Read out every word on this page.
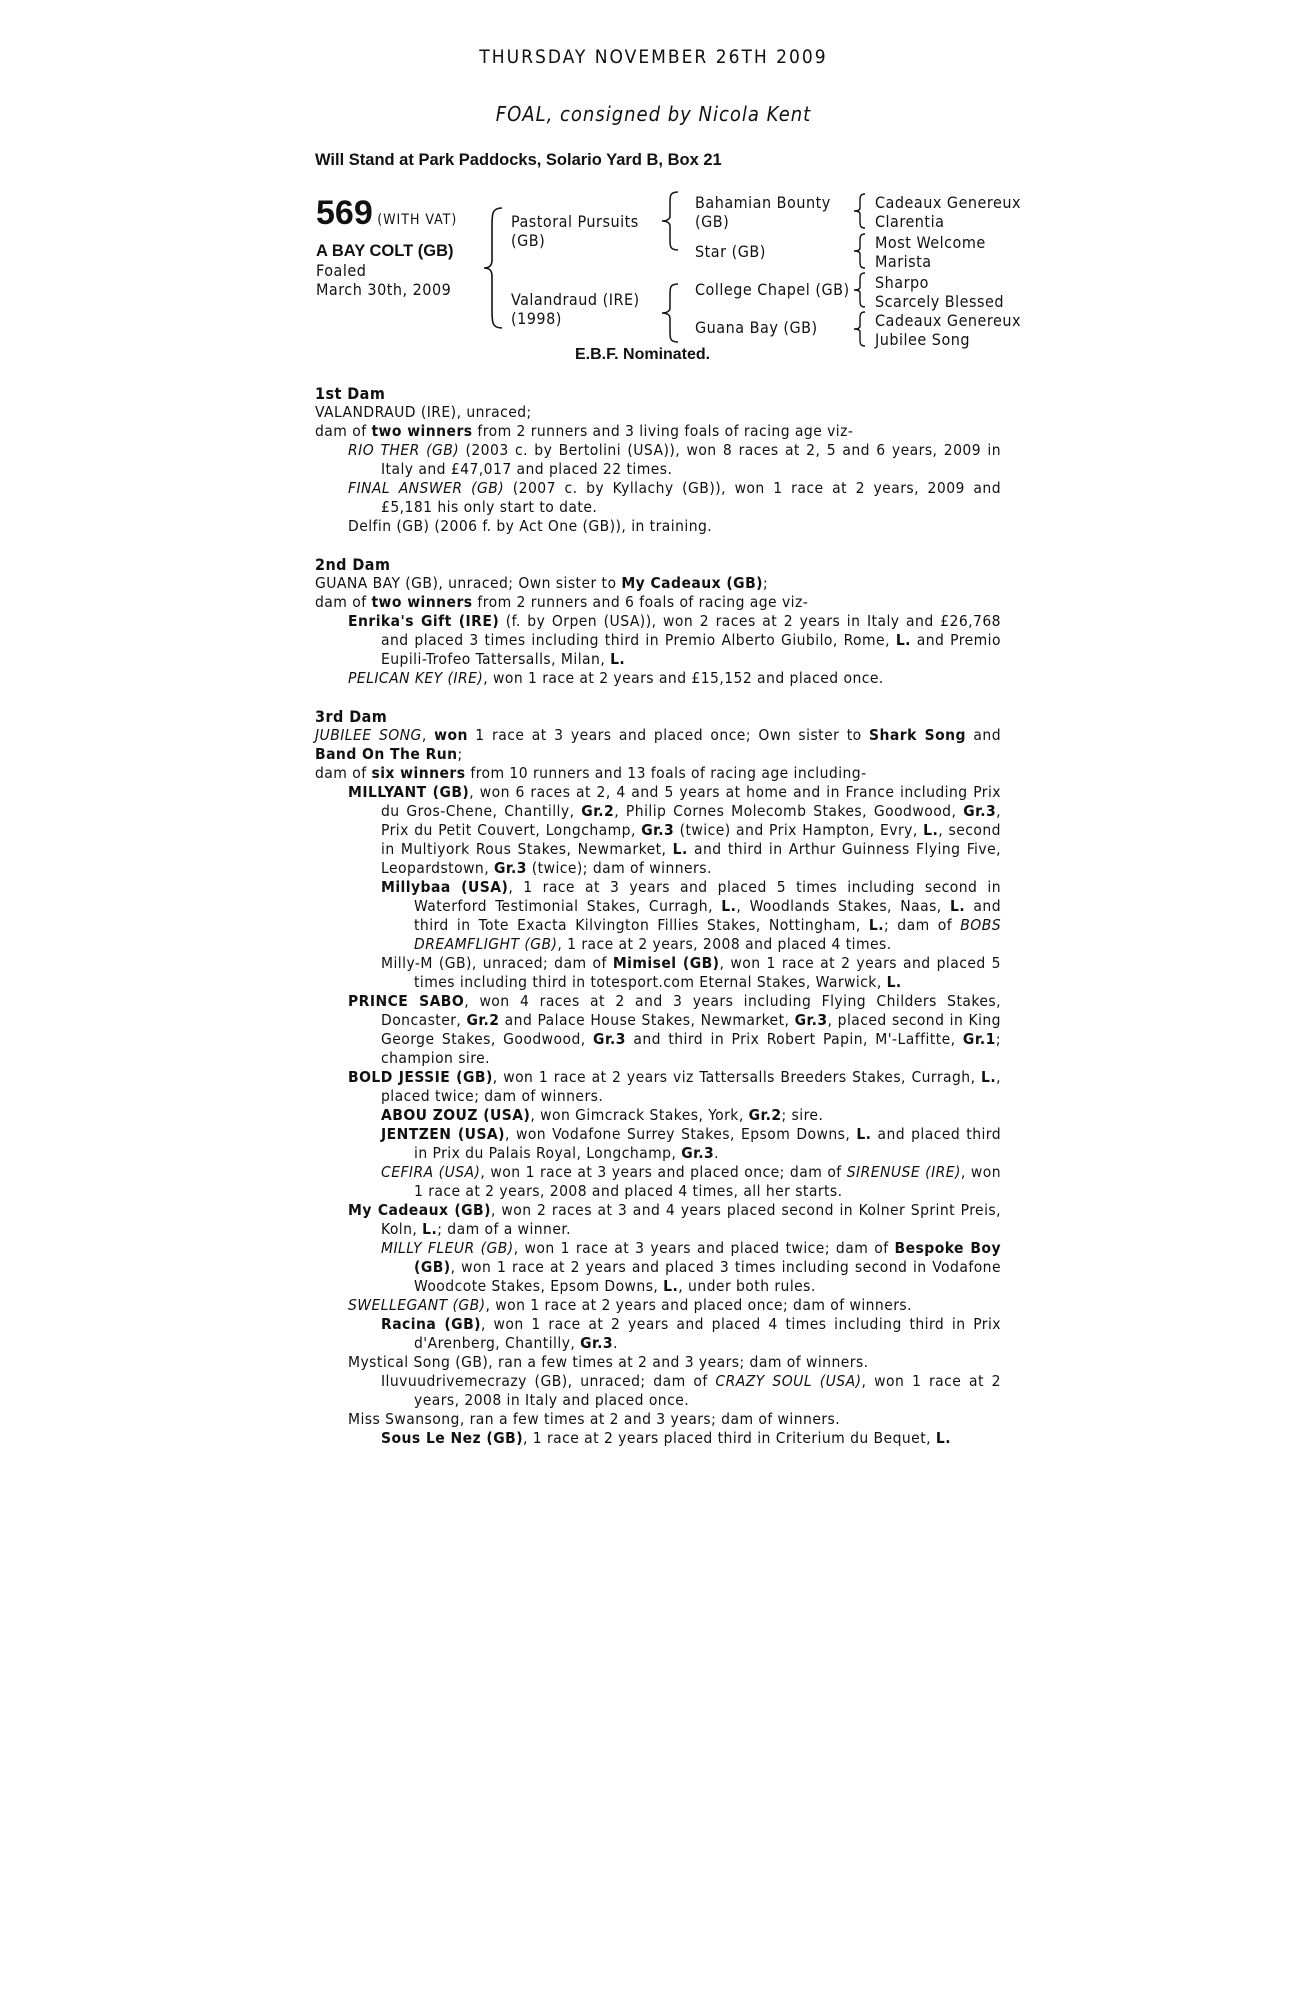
THURSDAY NOVEMBER 26TH 2009
FOAL, consigned by Nicola Kent
Will Stand at Park Paddocks, Solario Yard B, Box 21
569 (WITH VAT)
A BAY COLT (GB)
Foaled
March 30th, 2009
Pastoral Pursuits
(GB)
Valandraud (IRE)
(1998)
Bahamian Bounty
(GB)
Star (GB)
College Chapel (GB)
Guana Bay (GB)
Cadeaux Genereux
Clarentia
Most Welcome
Marista
Sharpo
Scarcely Blessed
Cadeaux Genereux
Jubilee Song
E.B.F. Nominated.
1st Dam
VALANDRAUD (IRE), unraced;
dam of two winners from 2 runners and 3 living foals of racing age viz-
RIO THER (GB) (2003 c. by Bertolini (USA)), won 8 races at 2, 5 and 6 years, 2009 in Italy and £47,017 and placed 22 times.
FINAL ANSWER (GB) (2007 c. by Kyllachy (GB)), won 1 race at 2 years, 2009 and £5,181 his only start to date.
Delfin (GB) (2006 f. by Act One (GB)), in training.
2nd Dam
GUANA BAY (GB), unraced; Own sister to My Cadeaux (GB);
dam of two winners from 2 runners and 6 foals of racing age viz-
Enrika's Gift (IRE) (f. by Orpen (USA)), won 2 races at 2 years in Italy and £26,768 and placed 3 times including third in Premio Alberto Giubilo, Rome, L. and Premio Eupili-Trofeo Tattersalls, Milan, L.
PELICAN KEY (IRE), won 1 race at 2 years and £15,152 and placed once.
3rd Dam
JUBILEE SONG, won 1 race at 3 years and placed once; Own sister to Shark Song and Band On The Run;
dam of six winners from 10 runners and 13 foals of racing age including-
MILLYANT (GB), won 6 races at 2, 4 and 5 years at home and in France including Prix du Gros-Chene, Chantilly, Gr.2, Philip Cornes Molecomb Stakes, Goodwood, Gr.3, Prix du Petit Couvert, Longchamp, Gr.3 (twice) and Prix Hampton, Evry, L., second in Multiyork Rous Stakes, Newmarket, L. and third in Arthur Guinness Flying Five, Leopardstown, Gr.3 (twice); dam of winners.
Millybaa (USA), 1 race at 3 years and placed 5 times including second in Waterford Testimonial Stakes, Curragh, L., Woodlands Stakes, Naas, L. and third in Tote Exacta Kilvington Fillies Stakes, Nottingham, L.; dam of BOBS DREAMFLIGHT (GB), 1 race at 2 years, 2008 and placed 4 times.
Milly-M (GB), unraced; dam of Mimisel (GB), won 1 race at 2 years and placed 5 times including third in totesport.com Eternal Stakes, Warwick, L.
PRINCE SABO, won 4 races at 2 and 3 years including Flying Childers Stakes, Doncaster, Gr.2 and Palace House Stakes, Newmarket, Gr.3, placed second in King George Stakes, Goodwood, Gr.3 and third in Prix Robert Papin, M'-Laffitte, Gr.1; champion sire.
BOLD JESSIE (GB), won 1 race at 2 years viz Tattersalls Breeders Stakes, Curragh, L., placed twice; dam of winners.
ABOU ZOUZ (USA), won Gimcrack Stakes, York, Gr.2; sire.
JENTZEN (USA), won Vodafone Surrey Stakes, Epsom Downs, L. and placed third in Prix du Palais Royal, Longchamp, Gr.3.
CEFIRA (USA), won 1 race at 3 years and placed once; dam of SIRENUSE (IRE), won 1 race at 2 years, 2008 and placed 4 times, all her starts.
My Cadeaux (GB), won 2 races at 3 and 4 years placed second in Kolner Sprint Preis, Koln, L.; dam of a winner.
MILLY FLEUR (GB), won 1 race at 3 years and placed twice; dam of Bespoke Boy (GB), won 1 race at 2 years and placed 3 times including second in Vodafone Woodcote Stakes, Epsom Downs, L., under both rules.
SWELLEGANT (GB), won 1 race at 2 years and placed once; dam of winners.
Racina (GB), won 1 race at 2 years and placed 4 times including third in Prix d'Arenberg, Chantilly, Gr.3.
Mystical Song (GB), ran a few times at 2 and 3 years; dam of winners.
Iluvuudrivemecrazy (GB), unraced; dam of CRAZY SOUL (USA), won 1 race at 2 years, 2008 in Italy and placed once.
Miss Swansong, ran a few times at 2 and 3 years; dam of winners.
Sous Le Nez (GB), 1 race at 2 years placed third in Criterium du Bequet, L.
